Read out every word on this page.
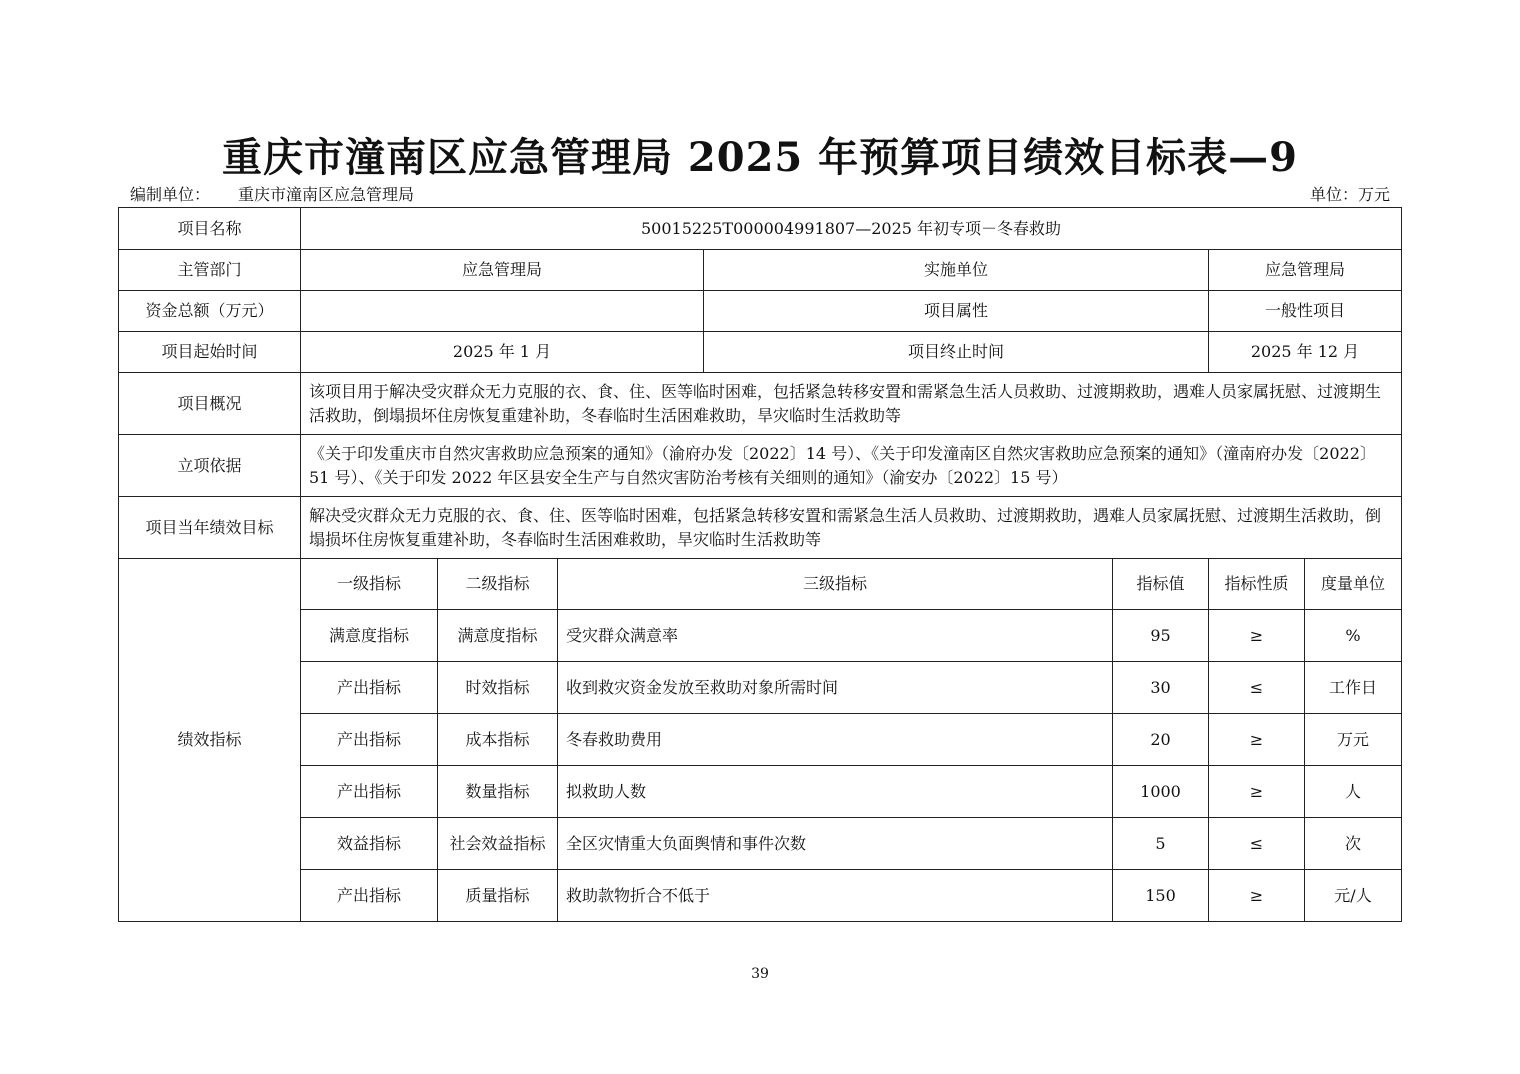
重庆市潼南区应急管理局 2025 年预算项目绩效目标表—9
编制单位： 重庆市潼南区应急管理局	单位：万元
项目名称	50015225T000004991807—2025 年初专项－冬春救助						
主管部门	应急管理局			实施单位		应急管理局	
资金总额（万元）				项目属性		一般性项目	
项目起始时间	2025 年 1 月			项目终止时间		2025 年 12 月	
项目概况	该项目用于解决受灾群众无力克服的衣、食、住、医等临时困难，包括紧急转移安置和需紧急生活人员救助、过渡期救助，遇难人员家属抚慰、过渡期生活救助，倒塌损坏住房恢复重建补助，冬春临时生活困难救助，旱灾临时生活救助等						
立项依据	《关于印发重庆市自然灾害救助应急预案的通知》（渝府办发〔2022〕14 号）、《关于印发潼南区自然灾害救助应急预案的通知》（潼南府办发〔2022〕51 号）、《关于印发 2022 年区县安全生产与自然灾害防治考核有关细则的通知》（渝安办〔2022〕15 号）						
项目当年绩效目标	解决受灾群众无力克服的衣、食、住、医等临时困难，包括紧急转移安置和需紧急生活人员救助、过渡期救助，遇难人员家属抚慰、过渡期生活救助，倒塌损坏住房恢复重建补助，冬春临时生活困难救助，旱灾临时生活救助等						
绩效指标	一级指标	二级指标	三级指标		指标值	指标性质	度量单位
	满意度指标	满意度指标	受灾群众满意率		95	≥	%
	产出指标	时效指标	收到救灾资金发放至救助对象所需时间		30	≤	工作日
	产出指标	成本指标	冬春救助费用		20	≥	万元
	产出指标	数量指标	拟救助人数		1000	≥	人
	效益指标	社会效益指标	全区灾情重大负面舆情和事件次数		5	≤	次
	产出指标	质量指标	救助款物折合不低于		150	≥	元/人
39
